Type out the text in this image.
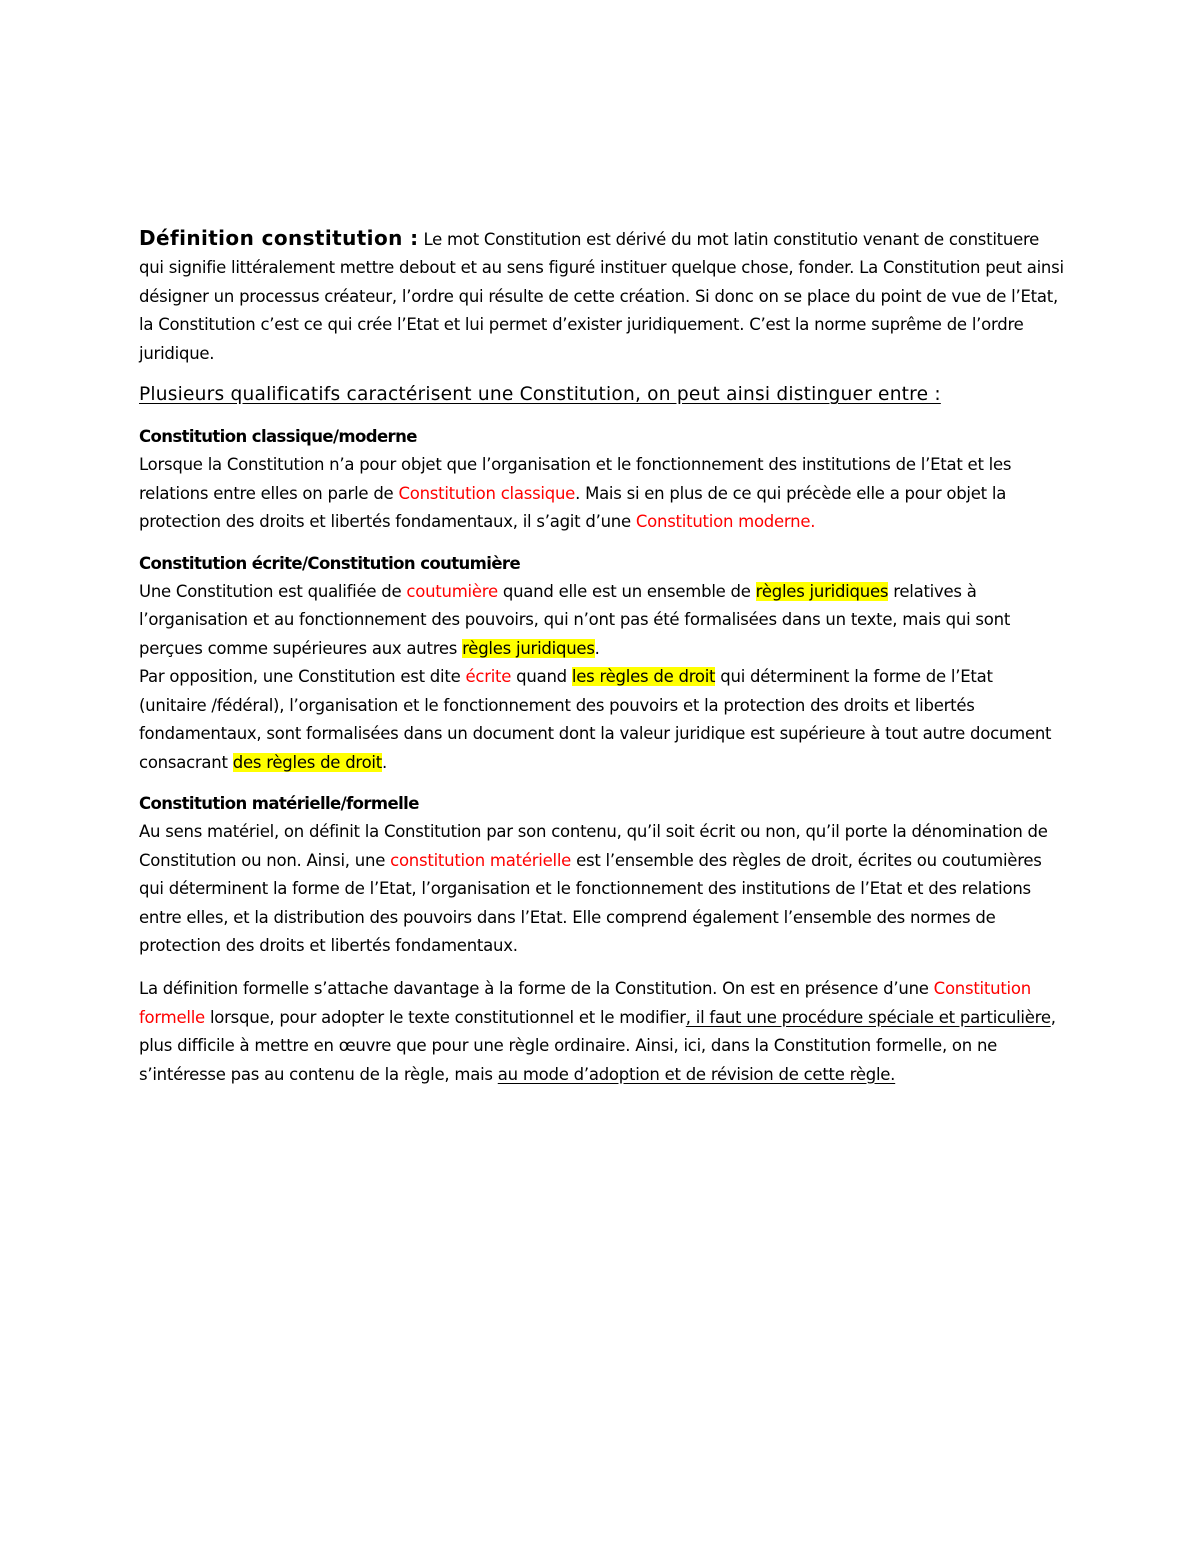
Définition constitution : Le mot Constitution est dérivé du mot latin constitutio venant de constituere qui signifie littéralement mettre debout et au sens figuré instituer quelque chose, fonder. La Constitution peut ainsi désigner un processus créateur, l’ordre qui résulte de cette création. Si donc on se place du point de vue de l’Etat, la Constitution c’est ce qui crée l’Etat et lui permet d’exister juridiquement. C’est la norme suprême de l’ordre juridique.

Plusieurs qualificatifs caractérisent une Constitution, on peut ainsi distinguer entre :

Constitution classique/moderne

Lorsque la Constitution n’a pour objet que l’organisation et le fonctionnement des institutions de l’Etat et les relations entre elles on parle de Constitution classique. Mais si en plus de ce qui précède elle a pour objet la protection des droits et libertés fondamentaux, il s’agit d’une Constitution moderne.

Constitution écrite/Constitution coutumière

Une Constitution est qualifiée de coutumière quand elle est un ensemble de règles juridiques relatives à l’organisation et au fonctionnement des pouvoirs, qui n’ont pas été formalisées dans un texte, mais qui sont perçues comme supérieures aux autres règles juridiques.

Par opposition, une Constitution est dite écrite quand les règles de droit qui déterminent la forme de l’Etat (unitaire /fédéral), l’organisation et le fonctionnement des pouvoirs et la protection des droits et libertés fondamentaux, sont formalisées dans un document dont la valeur juridique est supérieure à tout autre document consacrant des règles de droit.

Constitution matérielle/formelle

Au sens matériel, on définit la Constitution par son contenu, qu’il soit écrit ou non, qu’il porte la dénomination de Constitution ou non. Ainsi, une constitution matérielle est l’ensemble des règles de droit, écrites ou coutumières qui déterminent la forme de l’Etat, l’organisation et le fonctionnement des institutions de l’Etat et des relations entre elles, et la distribution des pouvoirs dans l’Etat. Elle comprend également l’ensemble des normes de protection des droits et libertés fondamentaux.

La définition formelle s’attache davantage à la forme de la Constitution. On est en présence d’une Constitution formelle lorsque, pour adopter le texte constitutionnel et le modifier, il faut une procédure spéciale et particulière, plus difficile à mettre en œuvre que pour une règle ordinaire. Ainsi, ici, dans la Constitution formelle, on ne s’intéresse pas au contenu de la règle, mais au mode d’adoption et de révision de cette règle.
